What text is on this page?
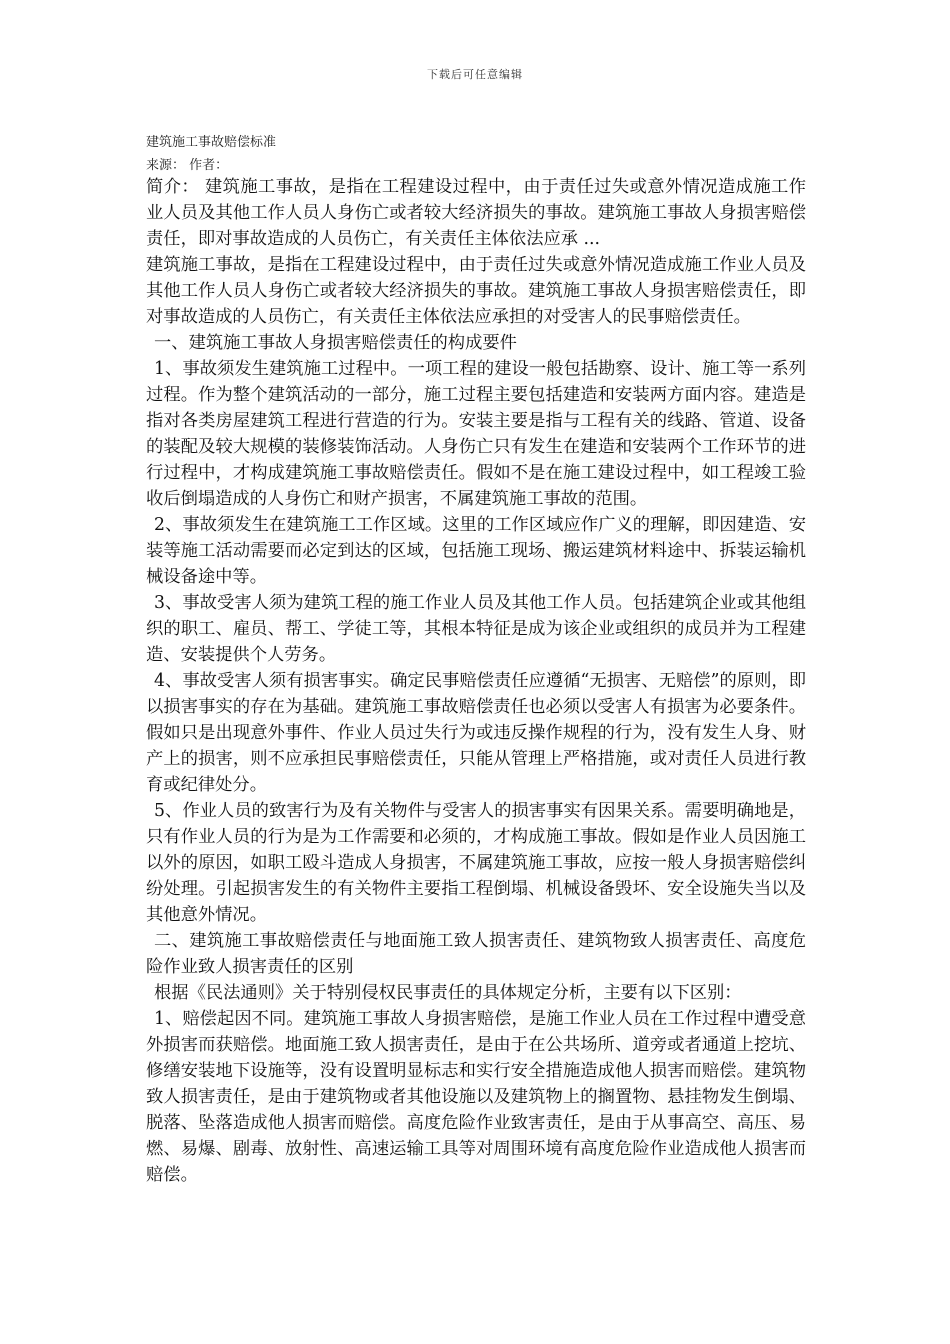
下载后可任意编辑
建筑施工事故赔偿标准
来源： 作者：

简介： 建筑施工事故，是指在工程建设过程中，由于责任过失或意外情况造成施工作业人员及其他工作人员人身伤亡或者较大经济损失的事故。建筑施工事故人身损害赔偿责任，即对事故造成的人员伤亡，有关责任主体依法应承 ...

建筑施工事故，是指在工程建设过程中，由于责任过失或意外情况造成施工作业人员及其他工作人员人身伤亡或者较大经济损失的事故。建筑施工事故人身损害赔偿责任，即对事故造成的人员伤亡，有关责任主体依法应承担的对受害人的民事赔偿责任。

一、建筑施工事故人身损害赔偿责任的构成要件

1、事故须发生建筑施工过程中。一项工程的建设一般包括勘察、设计、施工等一系列过程。作为整个建筑活动的一部分，施工过程主要包括建造和安装两方面内容。建造是指对各类房屋建筑工程进行营造的行为。安装主要是指与工程有关的线路、管道、设备的装配及较大规模的装修装饰活动。人身伤亡只有发生在建造和安装两个工作环节的进行过程中，才构成建筑施工事故赔偿责任。假如不是在施工建设过程中，如工程竣工验收后倒塌造成的人身伤亡和财产损害，不属建筑施工事故的范围。

2、事故须发生在建筑施工工作区域。这里的工作区域应作广义的理解，即因建造、安装等施工活动需要而必定到达的区域，包括施工现场、搬运建筑材料途中、拆装运输机械设备途中等。

3、事故受害人须为建筑工程的施工作业人员及其他工作人员。包括建筑企业或其他组织的职工、雇员、帮工、学徒工等，其根本特征是成为该企业或组织的成员并为工程建造、安装提供个人劳务。

4、事故受害人须有损害事实。确定民事赔偿责任应遵循“无损害、无赔偿”的原则，即以损害事实的存在为基础。建筑施工事故赔偿责任也必须以受害人有损害为必要条件。假如只是出现意外事件、作业人员过失行为或违反操作规程的行为，没有发生人身、财产上的损害，则不应承担民事赔偿责任，只能从管理上严格措施，或对责任人员进行教育或纪律处分。

5、作业人员的致害行为及有关物件与受害人的损害事实有因果关系。需要明确地是，只有作业人员的行为是为工作需要和必须的，才构成施工事故。假如是作业人员因施工以外的原因，如职工殴斗造成人身损害，不属建筑施工事故，应按一般人身损害赔偿纠纷处理。引起损害发生的有关物件主要指工程倒塌、机械设备毁坏、安全设施失当以及其他意外情况。

二、建筑施工事故赔偿责任与地面施工致人损害责任、建筑物致人损害责任、高度危险作业致人损害责任的区别

根据《民法通则》关于特别侵权民事责任的具体规定分析，主要有以下区别：

1、赔偿起因不同。建筑施工事故人身损害赔偿，是施工作业人员在工作过程中遭受意外损害而获赔偿。地面施工致人损害责任，是由于在公共场所、道旁或者通道上挖坑、修缮安装地下设施等，没有设置明显标志和实行安全措施造成他人损害而赔偿。建筑物致人损害责任，是由于建筑物或者其他设施以及建筑物上的搁置物、悬挂物发生倒塌、脱落、坠落造成他人损害而赔偿。高度危险作业致害责任，是由于从事高空、高压、易燃、易爆、剧毒、放射性、高速运输工具等对周围环境有高度危险作业造成他人损害而赔偿。
